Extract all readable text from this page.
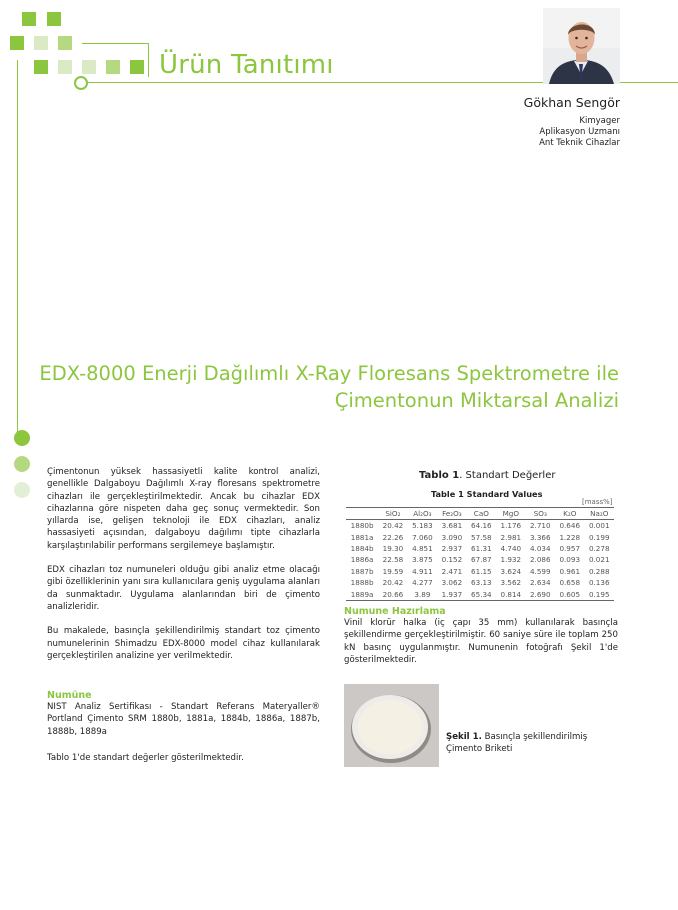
Ürün Tanıtımı
Gökhan Sengör
Kimyager
Aplikasyon Uzmanı
Ant Teknik Cihazlar
EDX-8000 Enerji Dağılımlı X-Ray Floresans Spektrometre ile
Çimentonun Miktarsal Analizi
Çimentonun yüksek hassasiyetli kalite kontrol analizi, genellikle Dalgaboyu Dağılımlı X-ray floresans spektrometre cihazları ile gerçekleştirilmektedir. Ancak bu cihazlar EDX cihazlarına göre nispeten daha geç sonuç vermektedir. Son yıllarda ise, gelişen teknoloji ile EDX cihazları, analiz hassasiyeti açısından, dalgaboyu dağılımı tipte cihazlarla karşılaştırılabilir performans sergilemeye başlamıştır.
EDX cihazları toz numuneleri olduğu gibi analiz etme olacağı gibi özelliklerinin yanı sıra kullanıcılara geniş uygulama alanları da sunmaktadır. Uygulama alanlarından biri de çimento analizleridir.
Bu makalede, basınçla şekillendirilmiş standart toz çimento numunelerinin Shimadzu EDX-8000 model cihaz kullanılarak gerçekleştirilen analizine yer verilmektedir.
Numüne
NIST Analiz Sertifikası - Standart Referans Materyaller® Portland Çimento SRM 1880b, 1881a, 1884b, 1886a, 1887b, 1888b, 1889a
Tablo 1'de standart değerler gösterilmektedir.
Tablo 1. Standart Değerler
Table 1 Standard Values
[mass%]
	SiO₂	Al₂O₃	Fe₂O₃	CaO	MgO	SO₃	K₂O	Na₂O
1880b	20.42	5.183	3.681	64.16	1.176	2.710	0.646	0.001
1881a	22.26	7.060	3.090	57.58	2.981	3.366	1.228	0.199
1884b	19.30	4.851	2.937	61.31	4.740	4.034	0.957	0.278
1886a	22.58	3.875	0.152	67.87	1.932	2.086	0.093	0.021
1887b	19.59	4.911	2.471	61.15	3.624	4.599	0.961	0.288
1888b	20.42	4.277	3.062	63.13	3.562	2.634	0.658	0.136
1889a	20.66	3.89	1.937	65.34	0.814	2.690	0.605	0.195
Numune Hazırlama
Vinil klorür halka (iç çapı 35 mm) kullanılarak basınçla şekillendirme gerçekleştirilmiştir. 60 saniye süre ile toplam 250 kN basınç uygulanmıştır. Numunenin fotoğrafı Şekil 1'de gösterilmektedir.
Şekil 1. Basınçla şekillendirilmiş Çimento Briketi
